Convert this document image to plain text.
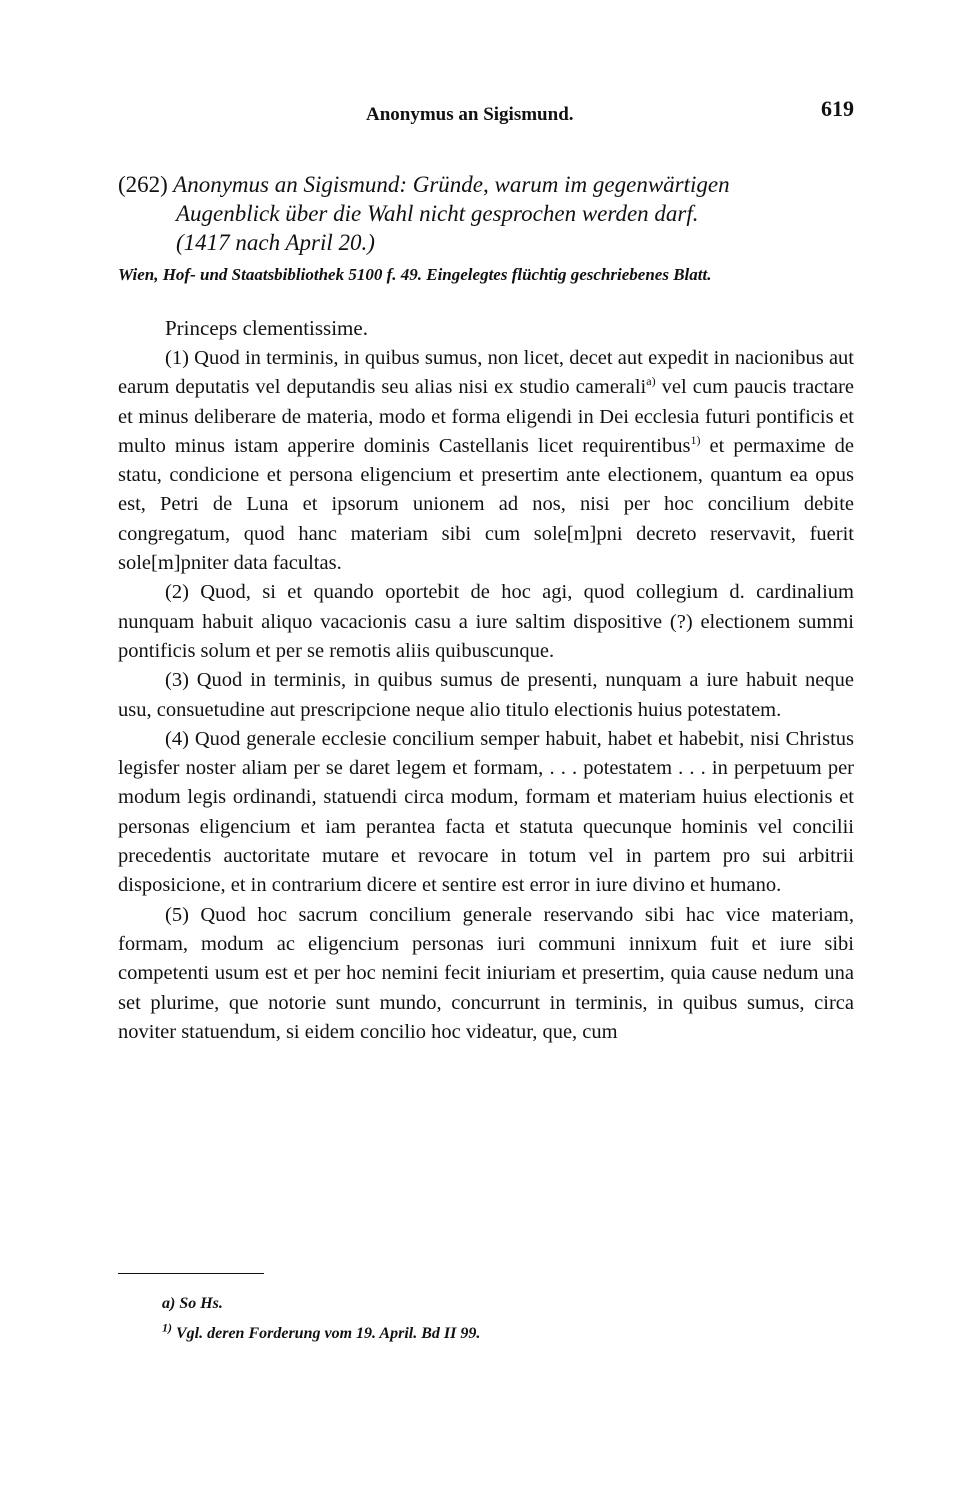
Anonymus an Sigismund.	619

(262) Anonymus an Sigismund: Gründe, warum im gegenwärtigen

Augenblick über die Wahl nicht gesprochen werden darf.

(1417 nach April 20.)

Wien, Hof- und Staatsbibliothek 5100 f. 49. Eingelegtes flüchtig geschriebenes Blatt.
Princeps clementissime.

(1) Quod in terminis, in quibus sumus, non licet, decet aut expedit in nacionibus aut earum deputatis vel deputandis seu alias nisi ex studio camerali$^{a)}$ vel cum paucis tractare et minus deliberare de materia, modo et forma eligendi in Dei ecclesia futuri pontificis et multo minus istam apperire dominis Castellanis licet requirentibus$^{1)}$ et permaxime de statu, condicione et persona eligencium et presertim ante electionem, quantum ea opus est, Petri de Luna et ipsorum unionem ad nos, nisi per hoc concilium debite congregatum, quod hanc materiam sibi cum sole[m]pni decreto reservavit, fuerit sole[m]pniter data facultas.

(2) Quod, si et quando oportebit de hoc agi, quod collegium d. cardinalium nunquam habuit aliquo vacacionis casu a iure saltim dispositive (?) electionem summi pontificis solum et per se remotis aliis quibuscunque.

(3) Quod in terminis, in quibus sumus de presenti, nunquam a iure habuit neque usu, consuetudine aut prescripcione neque alio titulo electionis huius potestatem.

(4) Quod generale ecclesie concilium semper habuit, habet et habebit, nisi Christus legisfer noster aliam per se daret legem et formam, . . . potestatem . . . in perpetuum per modum legis ordinandi, statuendi circa modum, formam et materiam huius electionis et personas eligencium et iam perantea facta et statuta quecunque hominis vel concilii precedentis auctoritate mutare et revocare in totum vel in partem pro sui arbitrii disposicione, et in contrarium dicere et sentire est error in iure divino et humano.

(5) Quod hoc sacrum concilium generale reservando sibi hac vice materiam, formam, modum ac eligencium personas iuri communi innixum fuit et iure sibi competenti usum est et per hoc nemini fecit iniuriam et presertim, quia cause nedum una set plurime, que notorie sunt mundo, concurrunt in terminis, in quibus sumus, circa noviter statuendum, si eidem concilio hoc videatur, que, cum

a) So Hs.

$^{1)}$ Vgl. deren Forderung vom 19. April. Bd II 99.
